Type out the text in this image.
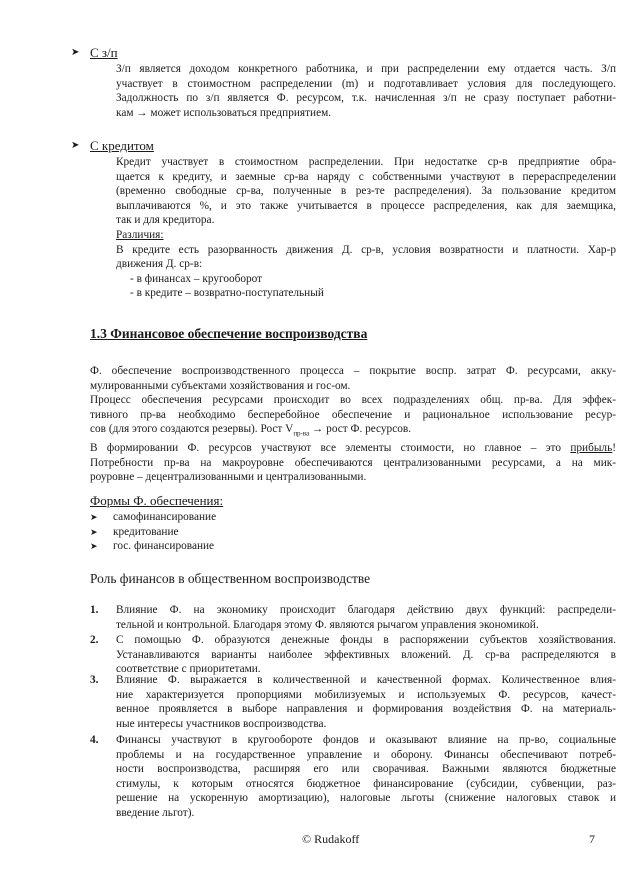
➤ С з/п
З/п является доходом конкретного работника, и при распределении ему отдается часть. З/п
участвует в стоимостном распределении (m) и подготавливает условия для последующего.
Задолжность по з/п является Ф. ресурсом, т.к. начисленная з/п не сразу поступает работни-
кам → может использоваться предприятием.
➤ С кредитом
Кредит участвует в стоимостном распределении. При недостатке ср-в предприятие обра-
щается к кредиту, и заемные ср-ва наряду с собственными участвуют в перераспределении
(временно свободные ср-ва, полученные в рез-те распределения). За пользование кредитом
выплачиваются %, и это также учитывается в процессе распределения, как для заемщика,
так и для кредитора.
Различия:
В кредите есть разорванность движения Д. ср-в, условия возвратности и платности. Хар-р
движения Д. ср-в:
- в финансах – кругооборот
- в кредите – возвратно-поступательный
1.3 Финансовое обеспечение воспроизводства
Ф. обеспечение воспроизводственного процесса – покрытие воспр. затрат Ф. ресурсами, акку-
мулированными субъектами хозяйствования и гос-ом.
Процесс обеспечения ресурсами происходит во всех подразделениях общ. пр-ва. Для эффек-
тивного пр-ва необходимо бесперебойное обеспечение и рациональное использование ресур-
сов (для этого создаются резервы). Рост $V_{пр-ва}$ → рост Ф. ресурсов.
В формировании Ф. ресурсов участвуют все элементы стоимости, но главное – это прибыль!
Потребности пр-ва на макроуровне обеспечиваются централизованными ресурсами, а на мик-
роуровне – децентрализованными и централизованными.
Формы Ф. обеспечения:
➤ самофинансирование
➤ кредитование
➤ гос. финансирование
Роль финансов в общественном воспроизводстве
1. Влияние Ф. на экономику происходит благодаря действию двух функций: распредели-
тельной и контрольной. Благодаря этому Ф. являются рычагом управления экономикой.
2. С помощью Ф. образуются денежные фонды в распоряжении субъектов хозяйствования.
Устанавливаются варианты наиболее эффективных вложений. Д. ср-ва распределяются в
соответствие с приоритетами.
3. Влияние Ф. выражается в количественной и качественной формах. Количественное влия-
ние характеризуется пропорциями мобилизуемых и используемых Ф. ресурсов, качест-
венное проявляется в выборе направления и формирования воздействия Ф. на материаль-
ные интересы участников воспроизводства.
4. Финансы участвуют в кругообороте фондов и оказывают влияние на пр-во, социальные
проблемы и на государственное управление и оборону. Финансы обеспечивают потреб-
ности воспроизводства, расширяя его или сворачивая. Важными являются бюджетные
стимулы, к которым относятся бюджетное финансирование (субсидии, субвенции, раз-
решение на ускоренную амортизацию), налоговые льготы (снижение налоговых ставок и
введение льгот).
© Rudakoff	7
